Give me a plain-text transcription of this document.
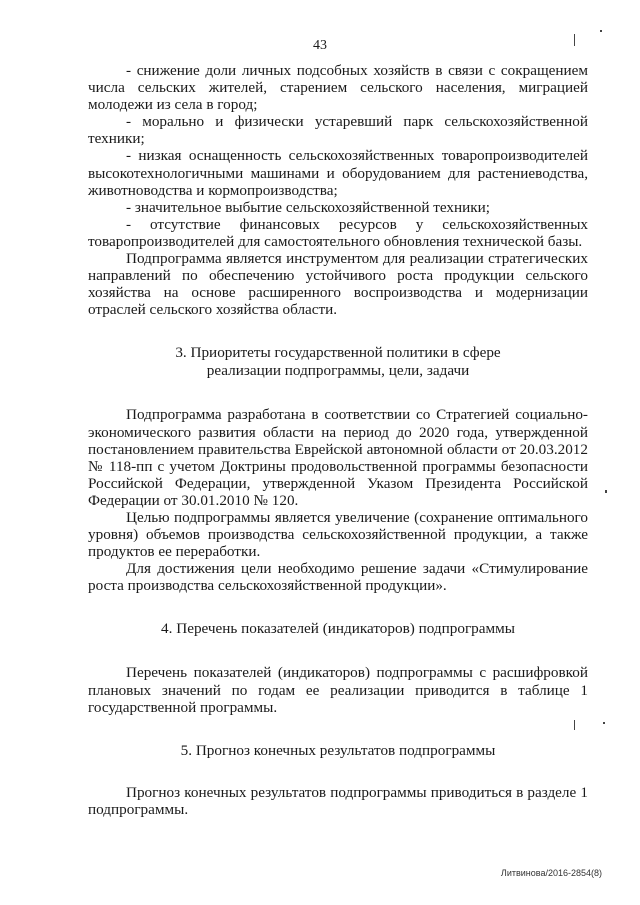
43

- снижение доли личных подсобных хозяйств в связи с сокращением числа сельских жителей, старением сельского населения, миграцией молодежи из села в город;

- морально и физически устаревший парк сельскохозяйственной техники;

- низкая оснащенность сельскохозяйственных товаропроизводителей высокотехнологичными машинами и оборудованием для растениеводства, животноводства и кормопроизводства;

- значительное выбытие сельскохозяйственной техники;

- отсутствие финансовых ресурсов у сельскохозяйственных товаропроизводителей для самостоятельного обновления технической базы.

Подпрограмма является инструментом для реализации стратегических направлений по обеспечению устойчивого роста продукции сельского хозяйства на основе расширенного воспроизводства и модернизации отраслей сельского хозяйства области.

3. Приоритеты государственной политики в сфере
реализации подпрограммы, цели, задачи

Подпрограмма разработана в соответствии со Стратегией социально-экономического развития области на период до 2020 года, утвержденной постановлением правительства Еврейской автономной области от 20.03.2012 № 118-пп с учетом Доктрины продовольственной программы безопасности Российской Федерации, утвержденной Указом Президента Российской Федерации от 30.01.2010 № 120.

Целью подпрограммы является увеличение (сохранение оптимального уровня) объемов производства сельскохозяйственной продукции, а также продуктов ее переработки.

Для достижения цели необходимо решение задачи «Стимулирование роста производства сельскохозяйственной продукции».

4. Перечень показателей (индикаторов) подпрограммы

Перечень показателей (индикаторов) подпрограммы с расшифровкой плановых значений по годам ее реализации приводится в таблице 1 государственной программы.

5. Прогноз конечных результатов подпрограммы

Прогноз конечных результатов подпрограммы приводиться в разделе 1 подпрограммы.

Литвинова/2016-2854(8)
